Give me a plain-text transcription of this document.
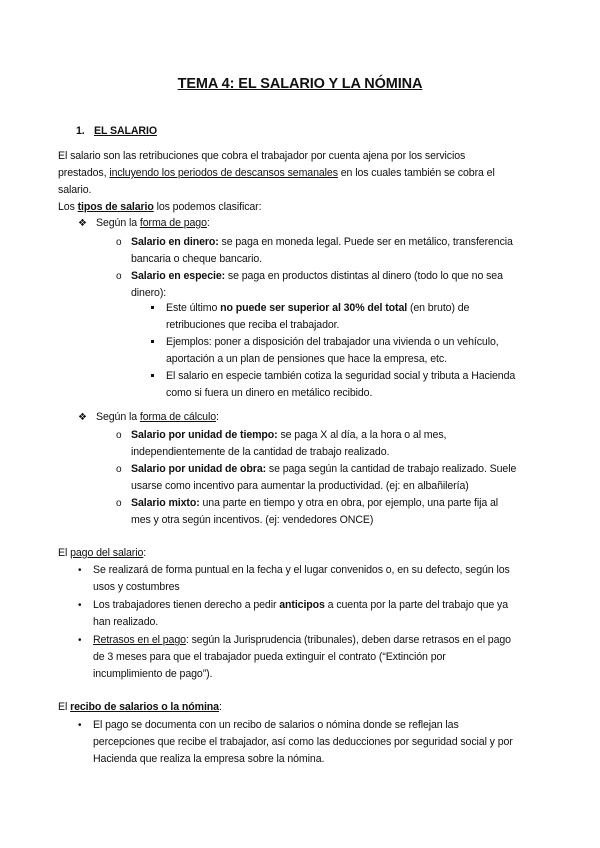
TEMA 4: EL SALARIO Y LA NÓMINA
1. EL SALARIO
El salario son las retribuciones que cobra el trabajador por cuenta ajena por los servicios
prestados, incluyendo los periodos de descansos semanales en los cuales también se cobra el
salario.
Los tipos de salario los podemos clasificar:
❖ Según la forma de pago:
o Salario en dinero: se paga en moneda legal. Puede ser en metálico, transferencia
bancaria o cheque bancario.
o Salario en especie: se paga en productos distintas al dinero (todo lo que no sea
dinero):
Este último no puede ser superior al 30% del total (en bruto) de
retribuciones que reciba el trabajador.
Ejemplos: poner a disposición del trabajador una vivienda o un vehículo,
aportación a un plan de pensiones que hace la empresa, etc.
El salario en especie también cotiza la seguridad social y tributa a Hacienda
como si fuera un dinero en metálico recibido.
❖ Según la forma de cálculo:
o Salario por unidad de tiempo: se paga X al día, a la hora o al mes,
independientemente de la cantidad de trabajo realizado.
o Salario por unidad de obra: se paga según la cantidad de trabajo realizado. Suele
usarse como incentivo para aumentar la productividad. (ej: en albañilería)
o Salario mixto: una parte en tiempo y otra en obra, por ejemplo, una parte fija al
mes y otra según incentivos. (ej: vendedores ONCE)
El pago del salario:
• Se realizará de forma puntual en la fecha y el lugar convenidos o, en su defecto, según los
usos y costumbres
• Los trabajadores tienen derecho a pedir anticipos a cuenta por la parte del trabajo que ya
han realizado.
• Retrasos en el pago: según la Jurisprudencia (tribunales), deben darse retrasos en el pago
de 3 meses para que el trabajador pueda extinguir el contrato (“Extinción por
incumplimiento de pago”).
El recibo de salarios o la nómina:
• El pago se documenta con un recibo de salarios o nómina donde se reflejan las
percepciones que recibe el trabajador, así como las deducciones por seguridad social y por
Hacienda que realiza la empresa sobre la nómina.
